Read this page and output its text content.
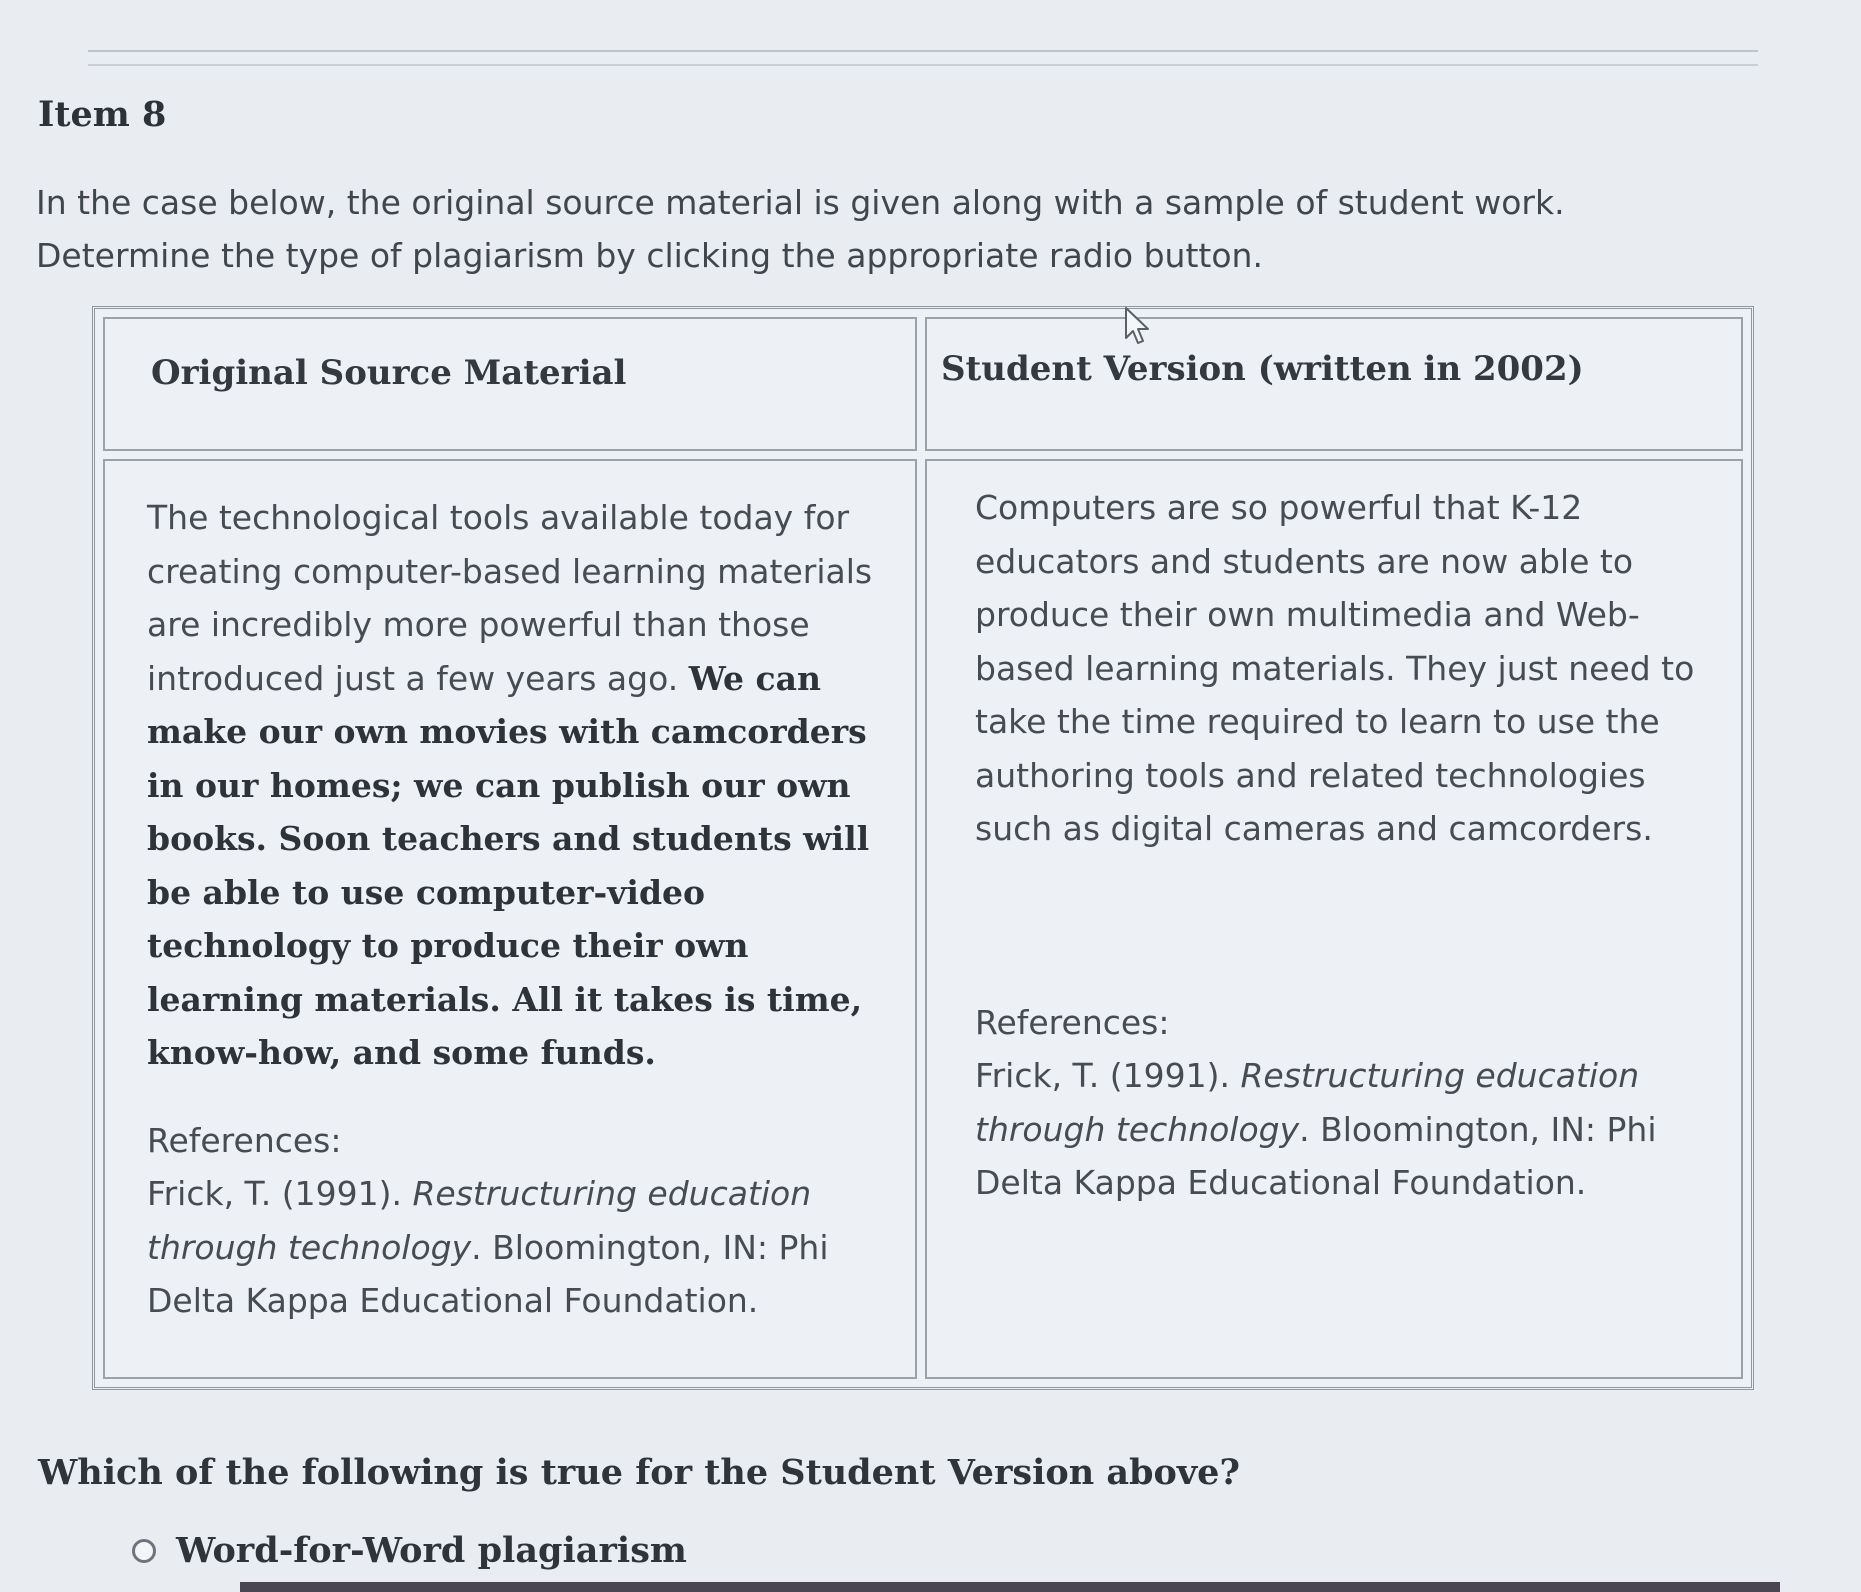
Item 8

In the case below, the original source material is given along with a sample of student work.

Determine the type of plagiarism by clicking the appropriate radio button.

Original Source Material	Student Version (written in 2002)

The technological tools available today for creating computer-based learning materials are incredibly more powerful than those introduced just a few years ago. We can make our own movies with camcorders in our homes; we can publish our own books. Soon teachers and students will be able to use computer-video technology to produce their own learning materials. All it takes is time, know-how, and some funds.

References:
Frick, T. (1991). Restructuring education through technology. Bloomington, IN: Phi Delta Kappa Educational Foundation.

Computers are so powerful that K-12 educators and students are now able to produce their own multimedia and Web-based learning materials. They just need to take the time required to learn to use the authoring tools and related technologies such as digital cameras and camcorders.

References:
Frick, T. (1991). Restructuring education through technology. Bloomington, IN: Phi Delta Kappa Educational Foundation.
Which of the following is true for the Student Version above?
Word-for-Word plagiarism
